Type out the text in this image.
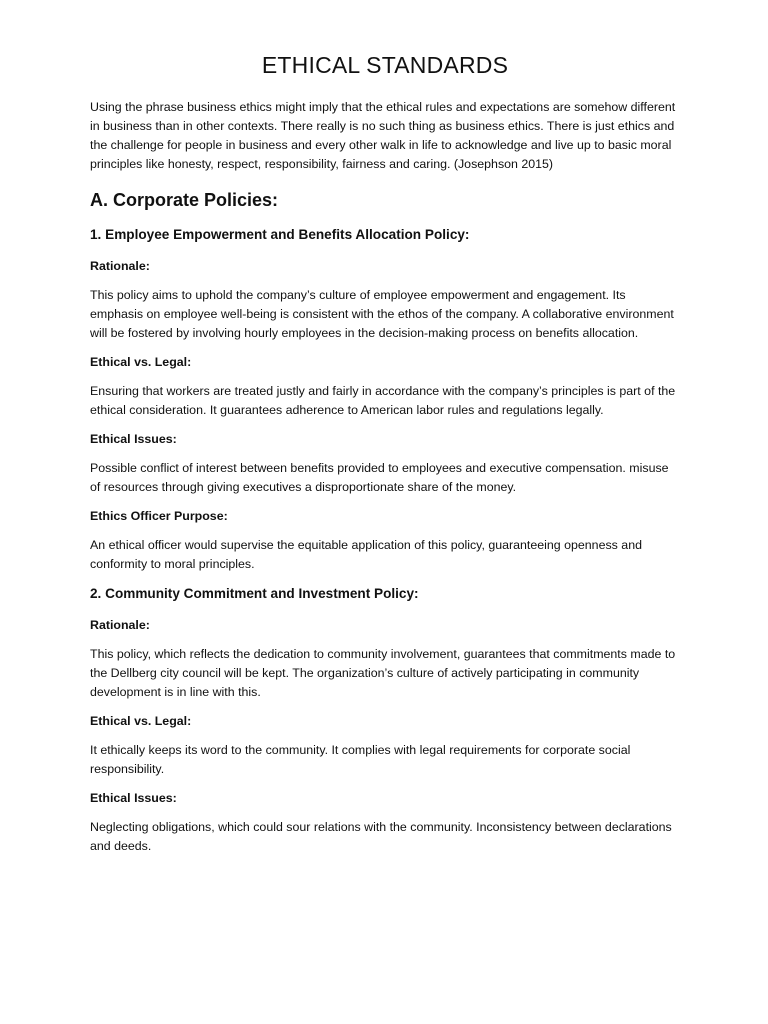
ETHICAL STANDARDS

Using the phrase business ethics might imply that the ethical rules and expectations are somehow different in business than in other contexts. There really is no such thing as business ethics. There is just ethics and the challenge for people in business and every other walk in life to acknowledge and live up to basic moral principles like honesty, respect, responsibility, fairness and caring. (Josephson 2015)

A. Corporate Policies:
1. Employee Empowerment and Benefits Allocation Policy:
Rationale:

This policy aims to uphold the company’s culture of employee empowerment and engagement. Its emphasis on employee well-being is consistent with the ethos of the company. A collaborative environment will be fostered by involving hourly employees in the decision-making process on benefits allocation.

Ethical vs. Legal:

Ensuring that workers are treated justly and fairly in accordance with the company’s principles is part of the ethical consideration. It guarantees adherence to American labor rules and regulations legally.

Ethical Issues:

Possible conflict of interest between benefits provided to employees and executive compensation. misuse of resources through giving executives a disproportionate share of the money.

Ethics Officer Purpose:

An ethical officer would supervise the equitable application of this policy, guaranteeing openness and conformity to moral principles.

2. Community Commitment and Investment Policy:
Rationale:

This policy, which reflects the dedication to community involvement, guarantees that commitments made to the Dellberg city council will be kept. The organization’s culture of actively participating in community development is in line with this.

Ethical vs. Legal:

It ethically keeps its word to the community. It complies with legal requirements for corporate social responsibility.

Ethical Issues:

Neglecting obligations, which could sour relations with the community. Inconsistency between declarations and deeds.
